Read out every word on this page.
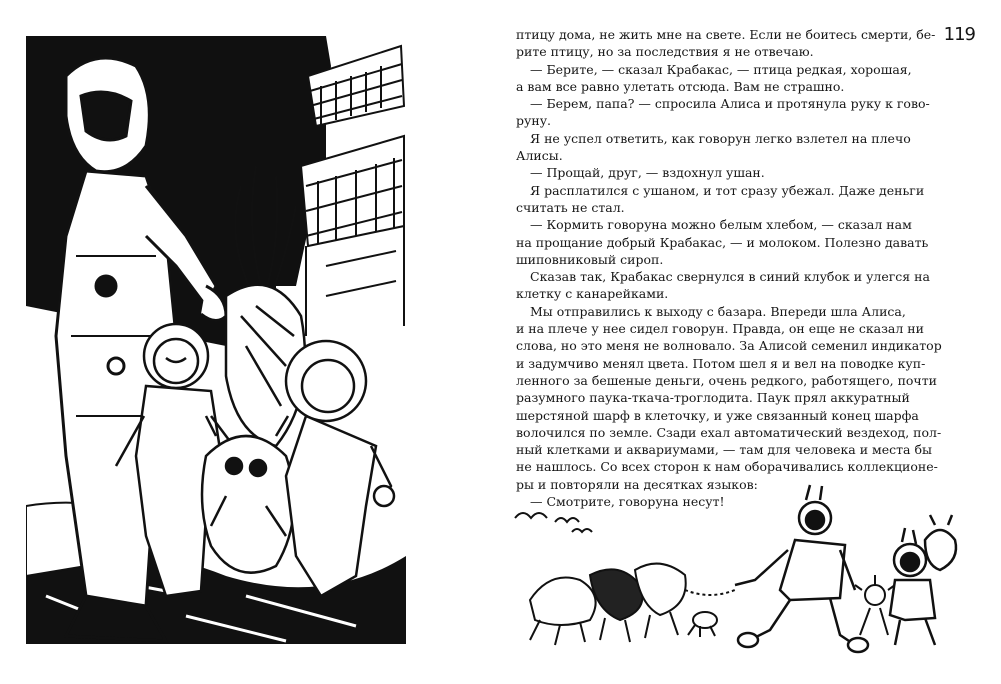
119
птицу дома, не жить мне на свете. Если не боитесь смерти, бе-
рите птицу, но за последствия я не отвечаю.
— Берите, — сказал Крабакас, — птица редкая, хорошая,
а вам все равно улетать отсюда. Вам не страшно.
— Берем, папа? — спросила Алиса и протянула руку к гово-
руну.
Я не успел ответить, как говорун легко взлетел на плечо
Алисы.
— Прощай, друг, — вздохнул ушан.
Я расплатился с ушаном, и тот сразу убежал. Даже деньги
считать не стал.
— Кормить говоруна можно белым хлебом, — сказал нам
на прощание добрый Крабакас, — и молоком. Полезно давать
шиповниковый сироп.
Сказав так, Крабакас свернулся в синий клубок и улегся на
клетку с канарейками.
Мы отправились к выходу с базара. Впереди шла Алиса,
и на плече у нее сидел говорун. Правда, он еще не сказал ни
слова, но это меня не волновало. За Алисой семенил индикатор
и задумчиво менял цвета. Потом шел я и вел на поводке куп-
ленного за бешеные деньги, очень редкого, работящего, почти
разумного паука-ткача-троглодита. Паук прял аккуратный
шерстяной шарф в клеточку, и уже связанный конец шарфа
волочился по земле. Сзади ехал автоматический вездеход, пол-
ный клетками и аквариумами, — там для человека и места бы
не нашлось. Со всех сторон к нам оборачивались коллекционе-
ры и повторяли на десятках языков:
— Смотрите, говоруна несут!
